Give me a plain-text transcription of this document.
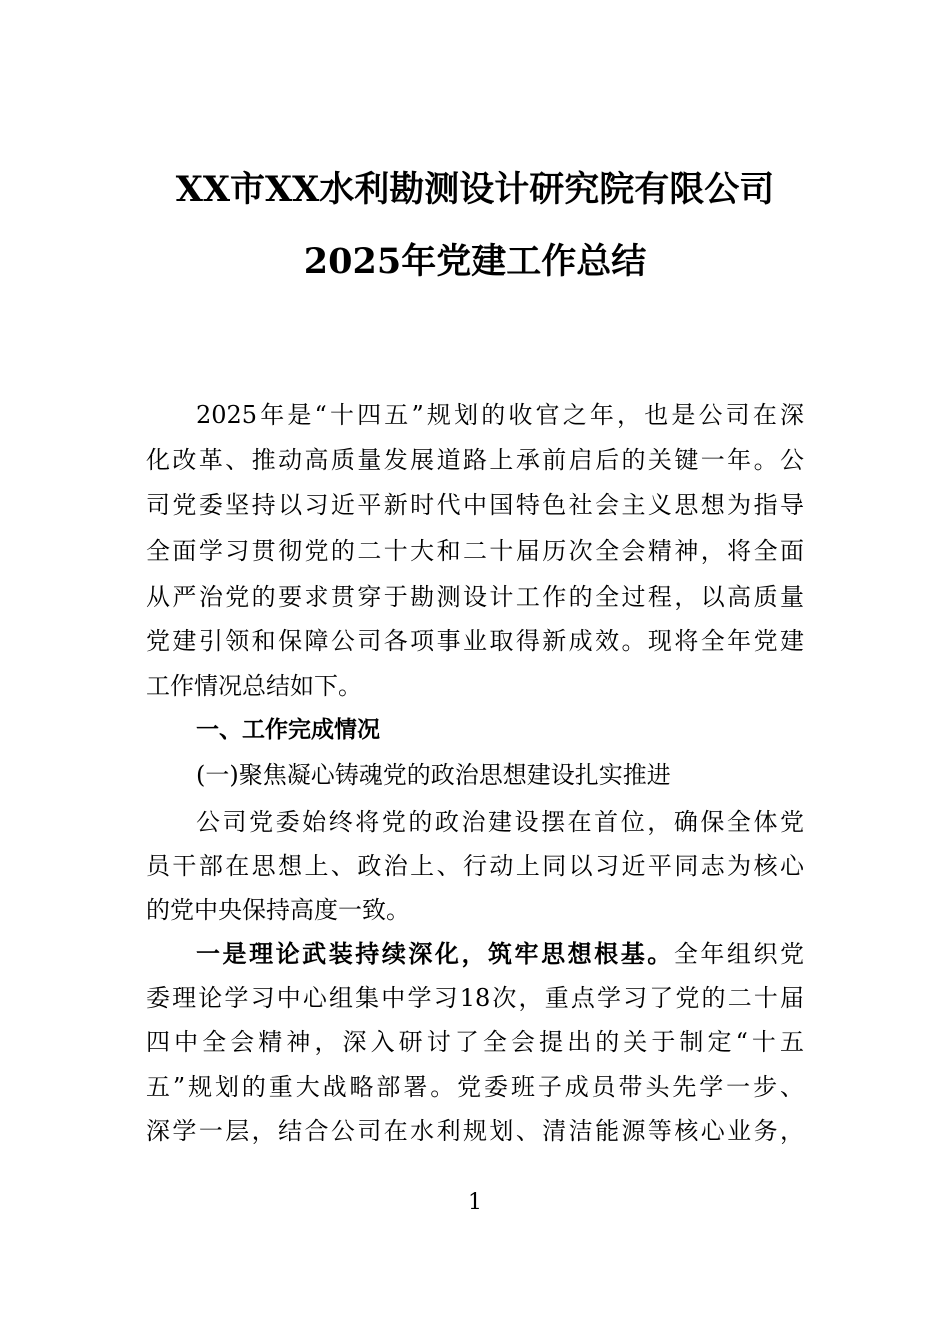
XX市XX水利勘测设计研究院有限公司
2025年党建工作总结
2025年是“十四五”规划的收官之年，也是公司在深
化改革、推动高质量发展道路上承前启后的关键一年。公
司党委坚持以习近平新时代中国特色社会主义思想为指导
全面学习贯彻党的二十大和二十届历次全会精神，将全面
从严治党的要求贯穿于勘测设计工作的全过程，以高质量
党建引领和保障公司各项事业取得新成效。现将全年党建
工作情况总结如下。
一、工作完成情况
(一)聚焦凝心铸魂党的政治思想建设扎实推进
公司党委始终将党的政治建设摆在首位，确保全体党
员干部在思想上、政治上、行动上同以习近平同志为核心
的党中央保持高度一致。
一是理论武装持续深化，筑牢思想根基。全年组织党
委理论学习中心组集中学习18次，重点学习了党的二十届
四中全会精神，深入研讨了全会提出的关于制定“十五
五”规划的重大战略部署。党委班子成员带头先学一步、
深学一层，结合公司在水利规划、清洁能源等核心业务，
1
